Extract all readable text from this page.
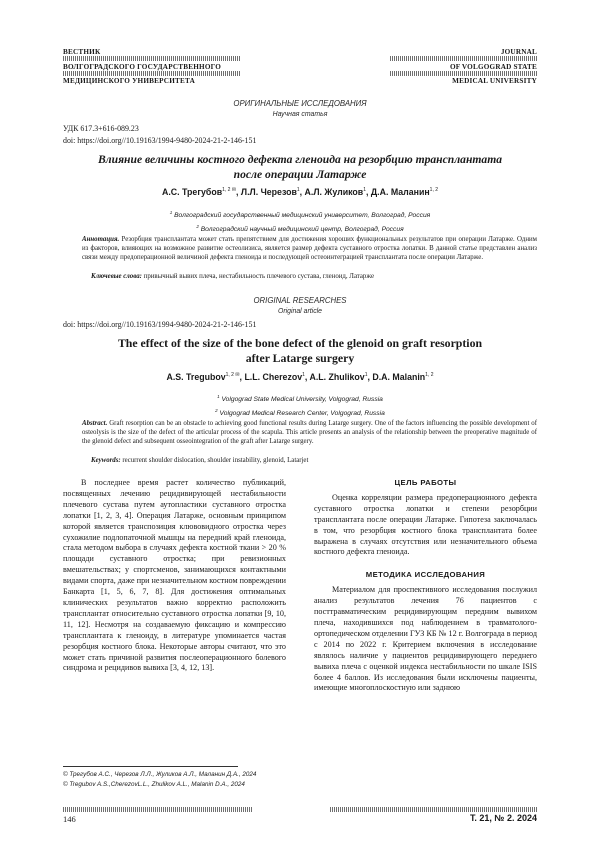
ВЕСТНИК
ВОЛГОГРАДСКОГО ГОСУДАРСТВЕННОГО
МЕДИЦИНСКОГО УНИВЕРСИТЕТА
JOURNAL
OF VOLGOGRAD STATE
MEDICAL UNIVERSITY
ОРИГИНАЛЬНЫЕ ИССЛЕДОВАНИЯ
Научная статья
УДК 617.3+616-089.23
doi: https://doi.org//10.19163/1994-9480-2024-21-2-146-151
Влияние величины костного дефекта гленоида на резорбцию трансплантата
после операции Латарже
А.С. Трегубов$^{1, 2 ✉}$, Л.Л. Черезов$^1$, А.Л. Жуликов$^1$, Д.А. Маланин$^{1, 2}$
$^1$ Волгоградский государственный медицинский университет, Волгоград, Россия
$^2$ Волгоградский научный медицинский центр, Волгоград, Россия
Аннотация. Резорбция трансплантата может стать препятствием для достижения хороших функциональных результатов при операции Латарже. Одним из факторов, влияющих на возможное развитие остеолизиса, является размер дефекта суставного отростка лопатки. В данной статье представлен анализ связи между предоперационной величиной дефекта гленоида и последующей остеоинтеграцией трансплантата после операции Латарже.
Ключевые слова: привычный вывих плеча, нестабильность плечевого сустава, гленоид, Латарже
ORIGINAL RESEARCHES
Original article
doi: https://doi.org//10.19163/1994-9480-2024-21-2-146-151
The effect of the size of the bone defect of the glenoid on graft resorption
after Latarge surgery
A.S. Tregubov$^{1, 2 ✉}$, L.L. Cherezov$^1$, A.L. Zhulikov$^1$, D.A. Malanin$^{1, 2}$
$^1$ Volgograd State Medical University, Volgograd, Russia
$^2$ Volgograd Medical Research Center, Volgograd, Russia
Abstract. Graft resorption can be an obstacle to achieving good functional results during Latarge surgery. One of the factors influencing the possible development of osteolysis is the size of the defect of the articular process of the scapula. This article presents an analysis of the relationship between the preoperative magnitude of the glenoid defect and subsequent osseointegration of the graft after Latarge surgery.
Keywords: recurrent shoulder dislocation, shoulder instability, glenoid, Latarjet

В последнее время растет количество публикаций, посвященных лечению рецидивирующей нестабильности плечевого сустава путем аутопластики суставного отростка лопатки [1, 2, 3, 4]. Операция Латарже, основным принципом которой является транспозиция клювовидного отростка через сухожилие подлопаточной мышцы на передний край гленоида, стала методом выбора в случаях дефекта костной ткани > 20 % площади суставного отростка; при ревизионных вмешательствах; у спортсменов, занимающихся контактными видами спорта, даже при незначительном костном повреждении Банкарта [1, 5, 6, 7, 8]. Для достижения оптимальных клинических результатов важно корректно расположить трансплантат относительно суставного отростка лопатки [9, 10, 11, 12]. Несмотря на создаваемую фиксацию и компрессию трансплантата к гленоиду, в литературе упоминается частая резорбция костного блока. Некоторые авторы считают, что это может стать причиной развития послеоперационного болевого синдрома и рецидивов вывиха [3, 4, 12, 13].

ЦЕЛЬ РАБОТЫ

Оценка корреляции размера предоперационного дефекта суставного отростка лопатки и степени резорбции трансплантата после операции Латарже. Гипотеза заключалась в том, что резорбция костного блока трансплантата более выражена в случаях отсутствия или незначительного объема костного дефекта гленоида.

МЕТОДИКА ИССЛЕДОВАНИЯ

Материалом для проспективного исследования послужил анализ результатов лечения 76 пациентов с посттравматическим рецидивирующим передним вывихом плеча, находившихся под наблюдением в травматолого-ортопедическом отделении ГУЗ КБ № 12 г. Волгограда в период с 2014 по 2022 г. Критерием включения в исследование являлось наличие у пациентов рецидивирующего переднего вывиха плеча с оценкой индекса нестабильности по шкале ISIS более 4 баллов. Из исследования были исключены пациенты, имеющие многоплоскостную или заднюю

© Трегубов А.С., Черезов Л.Л., Жуликов А.Л., Маланин Д.А., 2024
© Tregubov A.S.,CherezovL.L., Zhulikov A.L., Malanin D.A., 2024
146	Т. 21, № 2. 2024
